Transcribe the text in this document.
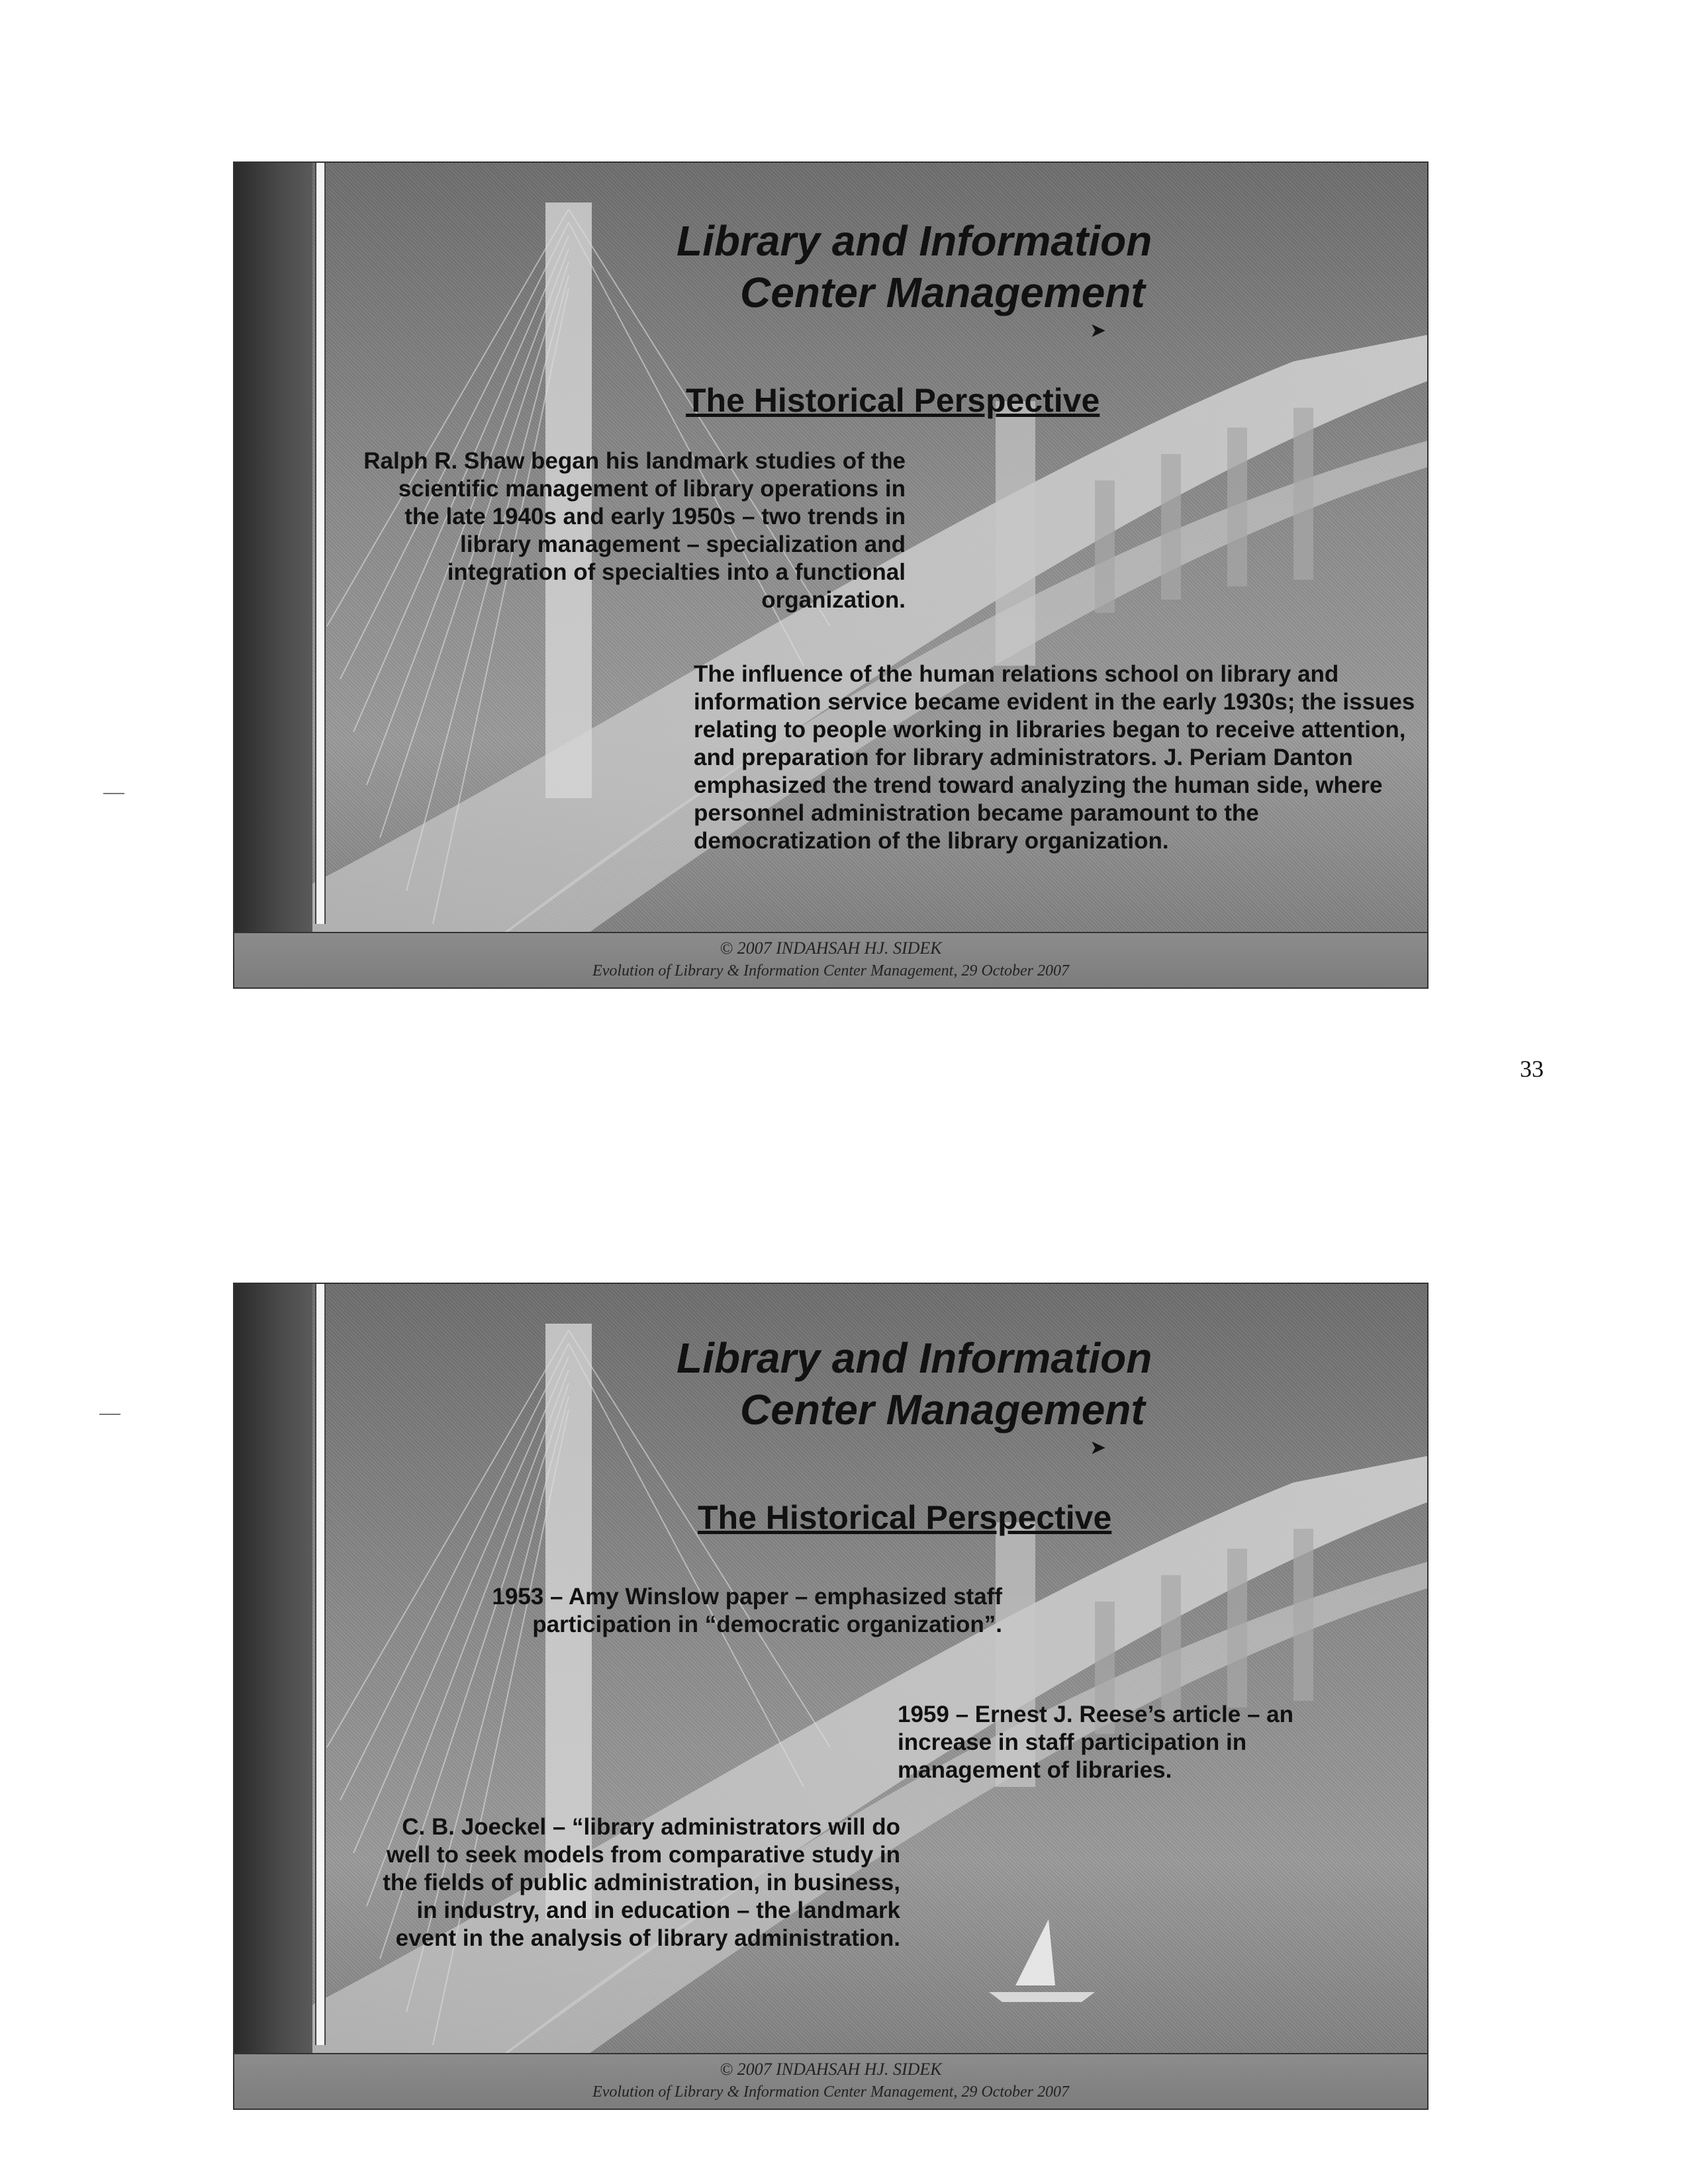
Library and Information
Center Management
➤
The Historical Perspective
Ralph R. Shaw began his landmark studies of the scientific management of library operations in the late 1940s and early 1950s – two trends in library management – specialization and integration of specialties into a functional organization.
The influence of the human relations school on library and information service became evident in the early 1930s; the issues relating to people working in libraries began to receive attention, and preparation for library administrators. J. Periam Danton emphasized the trend toward analyzing the human side, where personnel administration became paramount to the democratization of the library organization.
© 2007 INDAHSAH HJ. SIDEK
Evolution of Library & Information Center Management, 29 October 2007
33
Library and Information
Center Management
➤
The Historical Perspective
1953 – Amy Winslow paper – emphasized staff participation in “democratic organization”.
1959 – Ernest J. Reese’s article – an increase in staff participation in management of libraries.
C. B. Joeckel – “library administrators will do well to seek models from comparative study in the fields of public administration, in business, in industry, and in education – the landmark event in the analysis of library administration.
© 2007 INDAHSAH HJ. SIDEK
Evolution of Library & Information Center Management, 29 October 2007
